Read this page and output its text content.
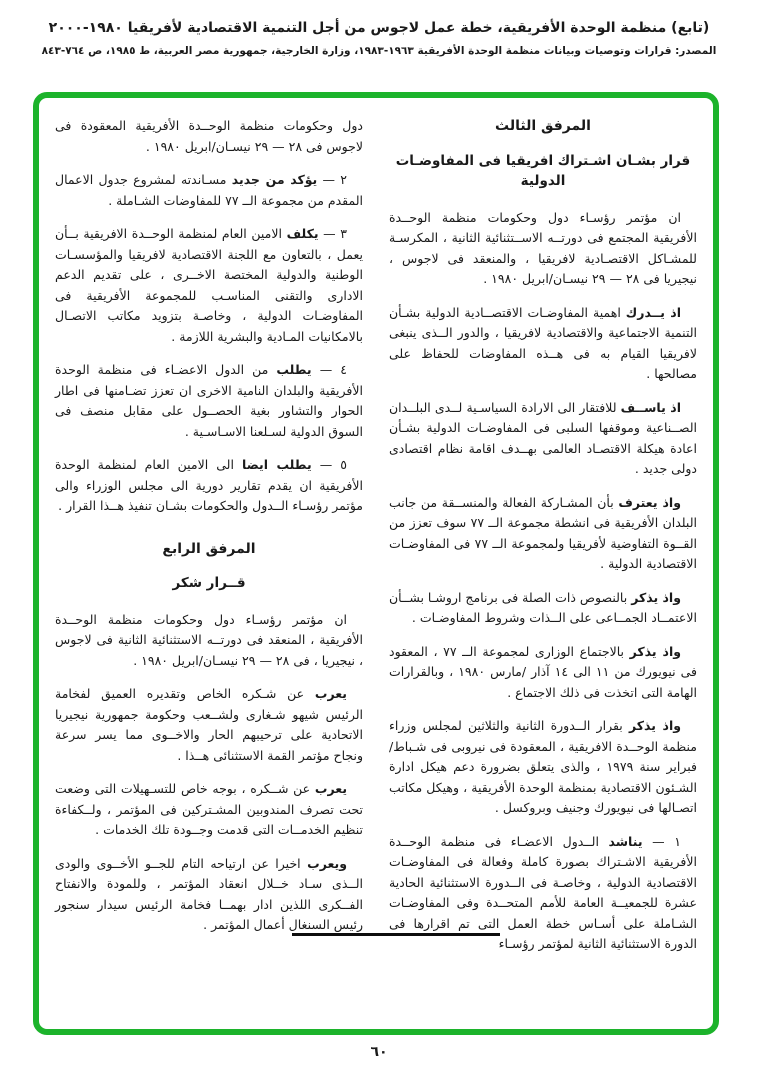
(تابع) منظمة الوحدة الأفريقية، خطة عمل لاجوس من أجل التنمية الاقتصادية لأفريقيا ١٩٨٠-٢٠٠٠
المصدر: قرارات وتوصيات وبيانات منظمة الوحدة الأفريقية ١٩٦٣-١٩٨٣، وزارة الخارجية، جمهورية مصر العربية، ط ١٩٨٥، ص ٧٦٤-٨٤٣
المرفق الثالث
قرار بشـان اشـتراك افريقيا فى المفاوضـات الدولية

ان مؤتمر رؤسـاء دول وحكومات منظمة الوحــدة الأفريقية المجتمع فى دورتــه الاســتثنائية الثانية ، المكرسـة للمشـاكل الاقتصـادية لافريقيا ، والمنعقد فى لاجوس ، نيجيريا فى ٢٨ — ٢٩ نيسـان/ابريل ١٩٨٠ .

اذ يــدرك اهمية المفاوضـات الاقتصــادية الدولية بشـأن التنمية الاجتماعية والاقتصادية لافريقيا ، والدور الــذى ينبغى لافريقيا القيام به فى هــذه المفاوضات للحفاظ على مصالحها .

اذ ياســف للافتقار الى الارادة السياسـية لــدى البلــدان الصــناعية وموقفها السلبى فى المفاوضـات الدولية بشـأن اعادة هيكلة الاقتصـاد العالمى بهــدف اقامة نظام اقتصادى دولى جديد .

واذ يعترف بأن المشـاركة الفعالة والمنســقة من جانب البلدان الأفريقية فى انشطة مجموعة الــ ٧٧ سوف تعزز من القــوة التفاوضية لأفريقيا ولمجموعة الــ ٧٧ فى المفاوضـات الاقتصادية الدولية .

واذ يذكر بالنصوص ذات الصلة فى برنامج اروشـا بشــأن الاعتمــاد الجمــاعى على الــذات وشروط المفاوضـات .

واذ يذكر بالاجتماع الوزارى لمجموعة الــ ٧٧ ، المعقود فى نيويورك من ١١ الى ١٤ آذار /مارس ١٩٨٠ ، وبالقرارات الهامة التى اتخذت فى ذلك الاجتماع .

واذ يذكر بقرار الــدورة الثانية والثلاثين لمجلس وزراء منظمة الوحــدة الافريقية ، المعقودة فى نيروبى فى شـباط/فبراير سنة ١٩٧٩ ، والذى يتعلق بضرورة دعم هيكل ادارة الشـئون الاقتصادية بمنظمة الوحدة الأفريقية ، وهيكل مكاتب اتصـالها فى نيويورك وجنيف وبروكسل .

١ — يناشد الــدول الاعضـاء فى منظمة الوحــدة الأفريقية الاشـتراك بصورة كاملة وفعالة فى المفاوضـات الاقتصادية الدولية ، وخاصـة فى الــدورة الاستثنائية الحادية عشرة للجمعيــة العامة للأمم المتحــدة وفى المفاوضـات الشـاملة على أسـاس خطة العمل التى تم اقرارها فى الدورة الاستثنائية الثانية لمؤتمر رؤسـاء

دول وحكومات منظمة الوحــدة الأفريقية المعقودة فى لاجوس فى ٢٨ — ٢٩ نيسـان/ابريل ١٩٨٠ .

٢ — يؤكد من جديد مسـاندته لمشروع جدول الاعمال المقدم من مجموعة الــ ٧٧ للمفاوضات الشـاملة .

٣ — يكلف الامين العام لمنظمة الوحــدة الافريقية بــأن يعمل ، بالتعاون مع اللجنة الاقتصادية لافريقيا والمؤسسـات الوطنية والدولية المختصة الاخــرى ، على تقديم الدعم الادارى والتقنى المناسـب للمجموعة الأفريقية فى المفاوضـات الدولية ، وخاصـة بتزويد مكاتب الاتصـال بالامكانيات المـادية والبشرية اللازمة .

٤ — يطلب من الدول الاعضـاء فى منظمة الوحدة الأفريقية والبلدان النامية الاخرى ان تعزز تضـامنها فى اطار الحوار والتشاور بغية الحصــول على مقابل منصف فى السوق الدولية لسـلعنا الاسـاسـية .

٥ — يطلب ايضا الى الامين العام لمنظمة الوحدة الأفريقية ان يقدم تقارير دورية الى مجلس الوزراء والى مؤتمر رؤسـاء الــدول والحكومات بشـان تنفيذ هــذا القرار .

المرفق الرابع
قــرار شكر

ان مؤتمر رؤسـاء دول وحكومات منظمة الوحــدة الأفريقية ، المنعقد فى دورتــه الاستثنائية الثانية فى لاجوس ، نيجيريا ، فى ٢٨ — ٢٩ نيسـان/ابريل ١٩٨٠ .

يعرب عن شـكره الخاص وتقديره العميق لفخامة الرئيس شيهو شـغارى ولشــعب وحكومة جمهورية نيجيريا الاتحادية على ترحيبهم الحار والاخــوى مما يسر سرعة ونجاح مؤتمر القمة الاستثنائى هــذا .

يعرب عن شــكره ، بوجه خاص للتسـهيلات التى وضعت تحت تصرف المندوبين المشـتركين فى المؤتمر ، ولــكفاءة تنظيم الخدمــات التى قدمت وجــودة تلك الخدمات .

ويعرب اخيرا عن ارتياحه التام للجــو الأخــوى والودى الــذى سـاد خــلال انعقاد المؤتمر ، وللمودة والانفتاح الفــكرى اللذين ادار بهمــا فخامة الرئيس سيدار سنجور رئيس السنغال أعمال المؤتمر .

٦٠
